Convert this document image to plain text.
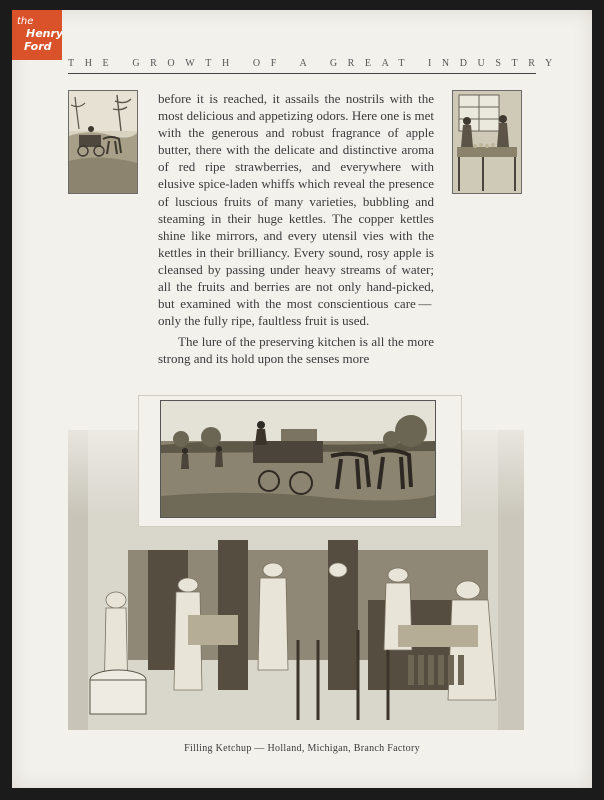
the
Henry
Ford
THE GROWTH OF A GREAT INDUSTRY

before it is reached, it assails the nostrils with the most delicious and appetizing odors. Here one is met with the generous and robust fragrance of apple butter, there with the delicate and distinctive aroma of red ripe strawberries, and everywhere with elusive spice-laden whiffs which reveal the presence of luscious fruits of many varieties, bubbling and steaming in their huge kettles. The copper kettles shine like mirrors, and every utensil vies with the kettles in their brilliancy. Every sound, rosy apple is cleansed by passing under heavy streams of water; all the fruits and berries are not only hand-picked, but examined with the most conscientious care — only the fully ripe, faultless fruit is used.

The lure of the preserving kitchen is all the more strong and its hold upon the senses more

Filling Ketchup — Holland, Michigan, Branch Factory
